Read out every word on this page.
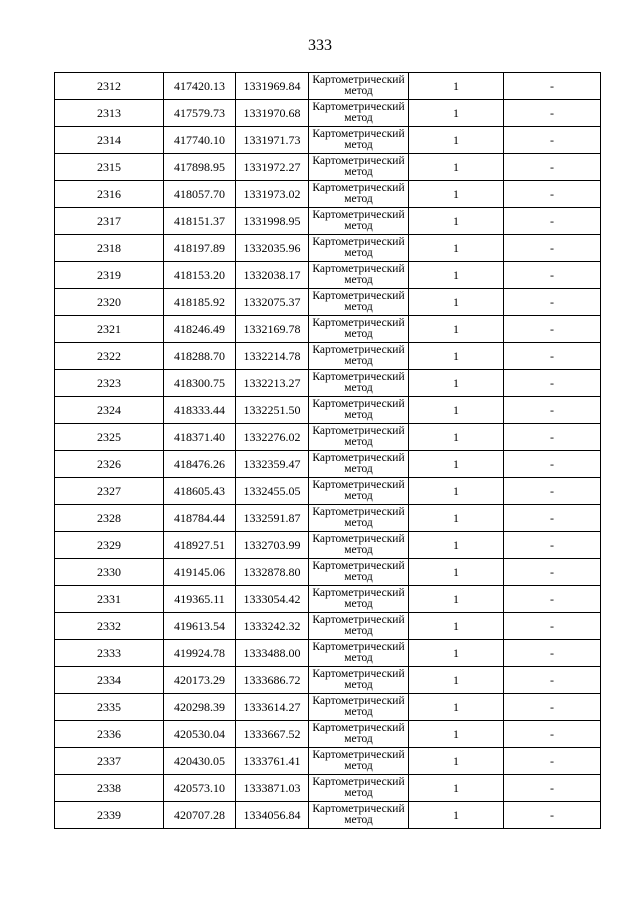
333
2312	417420.13	1331969.84	Картометрический метод	1	-
2313	417579.73	1331970.68	Картометрический метод	1	-
2314	417740.10	1331971.73	Картометрический метод	1	-
2315	417898.95	1331972.27	Картометрический метод	1	-
2316	418057.70	1331973.02	Картометрический метод	1	-
2317	418151.37	1331998.95	Картометрический метод	1	-
2318	418197.89	1332035.96	Картометрический метод	1	-
2319	418153.20	1332038.17	Картометрический метод	1	-
2320	418185.92	1332075.37	Картометрический метод	1	-
2321	418246.49	1332169.78	Картометрический метод	1	-
2322	418288.70	1332214.78	Картометрический метод	1	-
2323	418300.75	1332213.27	Картометрический метод	1	-
2324	418333.44	1332251.50	Картометрический метод	1	-
2325	418371.40	1332276.02	Картометрический метод	1	-
2326	418476.26	1332359.47	Картометрический метод	1	-
2327	418605.43	1332455.05	Картометрический метод	1	-
2328	418784.44	1332591.87	Картометрический метод	1	-
2329	418927.51	1332703.99	Картометрический метод	1	-
2330	419145.06	1332878.80	Картометрический метод	1	-
2331	419365.11	1333054.42	Картометрический метод	1	-
2332	419613.54	1333242.32	Картометрический метод	1	-
2333	419924.78	1333488.00	Картометрический метод	1	-
2334	420173.29	1333686.72	Картометрический метод	1	-
2335	420298.39	1333614.27	Картометрический метод	1	-
2336	420530.04	1333667.52	Картометрический метод	1	-
2337	420430.05	1333761.41	Картометрический метод	1	-
2338	420573.10	1333871.03	Картометрический метод	1	-
2339	420707.28	1334056.84	Картометрический метод	1	-
